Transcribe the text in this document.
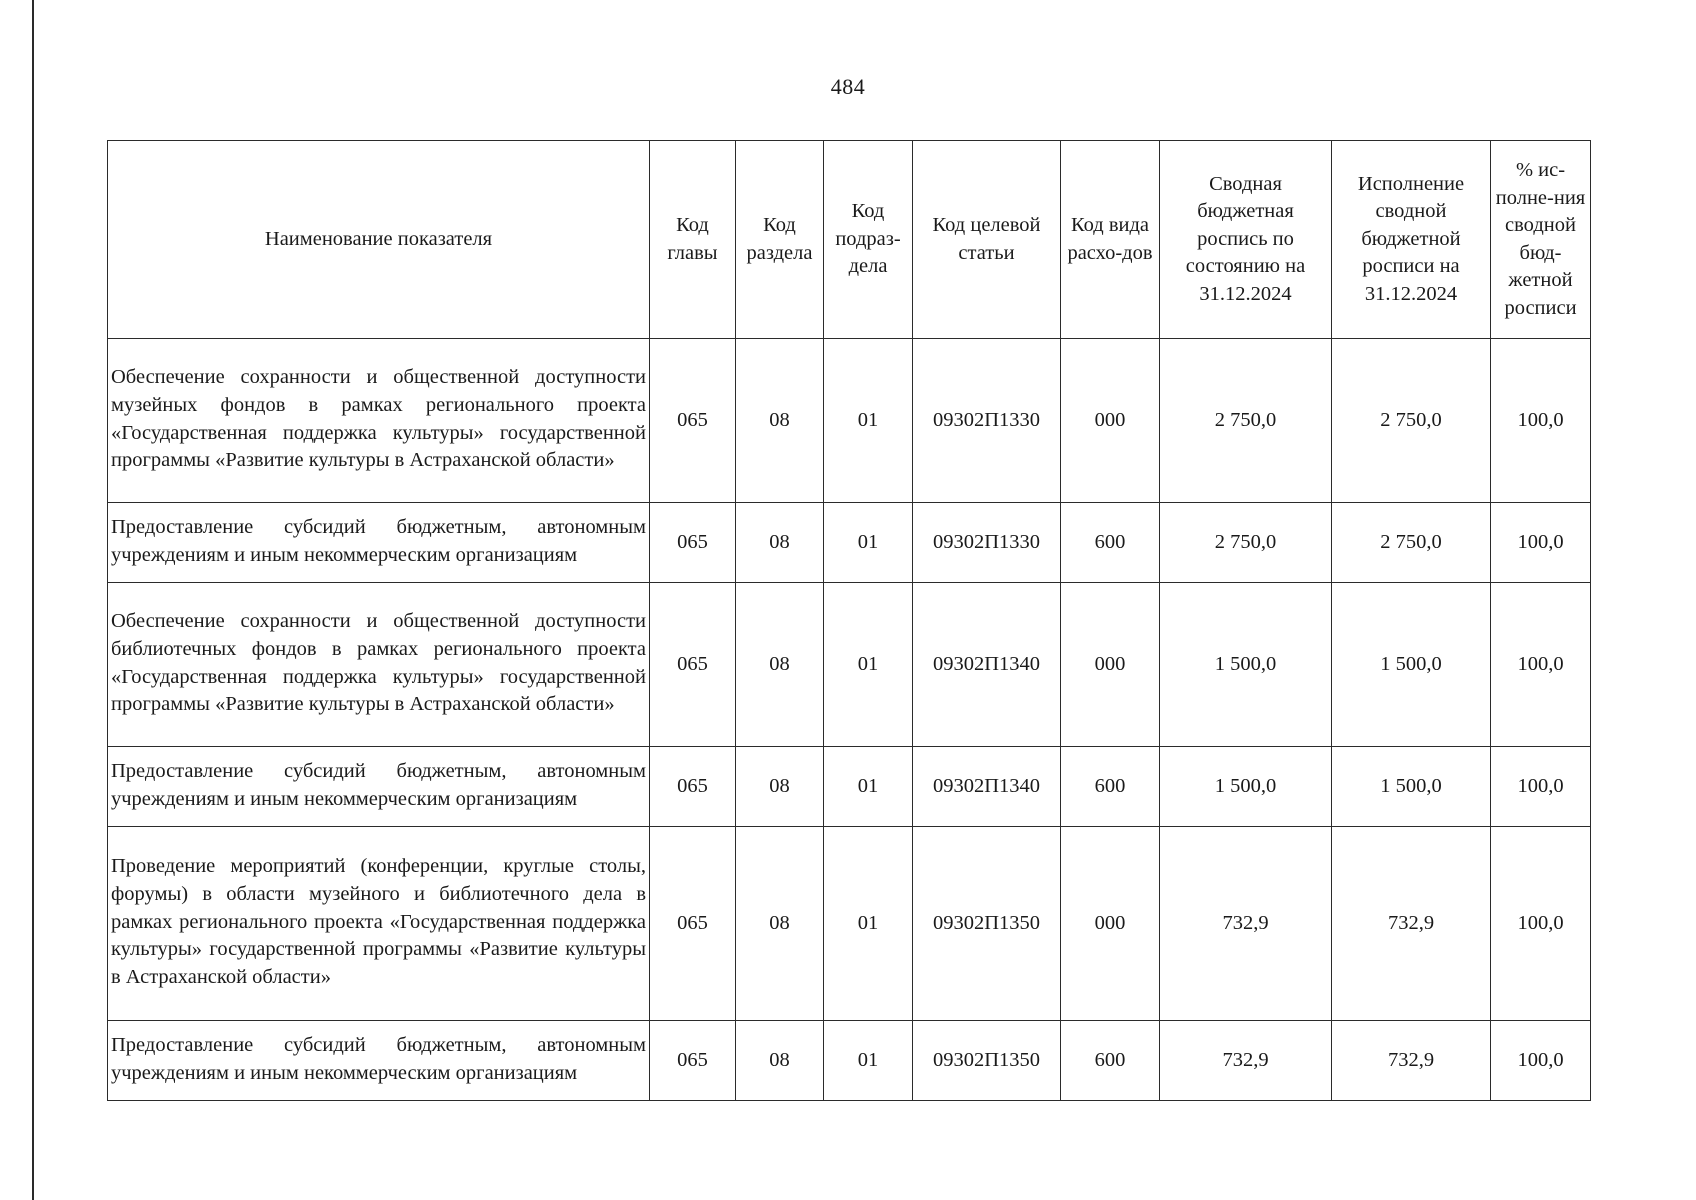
484
Наименование показателя	Код главы	Код раздела	Код подраз-дела	Код целевой статьи	Код вида расхо-дов	Сводная бюджетная роспись по состоянию на 31.12.2024	Исполнение сводной бюджетной росписи на 31.12.2024	% ис-полне-ния сводной бюд-жетной росписи
Обеспечение сохранности и общественной доступности музейных фондов в рамках регионального проекта «Государственная поддержка культуры» государственной программы «Развитие культуры в Астраханской области»	065	08	01	09302П1330	000	2 750,0	2 750,0	100,0
Предоставление субсидий бюджетным, автономным учреждениям и иным некоммерческим организациям	065	08	01	09302П1330	600	2 750,0	2 750,0	100,0
Обеспечение сохранности и общественной доступности библиотечных фондов в рамках регионального проекта «Государственная поддержка культуры» государственной программы «Развитие культуры в Астраханской области»	065	08	01	09302П1340	000	1 500,0	1 500,0	100,0
Предоставление субсидий бюджетным, автономным учреждениям и иным некоммерческим организациям	065	08	01	09302П1340	600	1 500,0	1 500,0	100,0
Проведение мероприятий (конференции, круглые столы, форумы) в области музейного и библиотечного дела в рамках регионального проекта «Государственная поддержка культуры» государственной программы «Развитие культуры в Астраханской области»	065	08	01	09302П1350	000	732,9	732,9	100,0
Предоставление субсидий бюджетным, автономным учреждениям и иным некоммерческим организациям	065	08	01	09302П1350	600	732,9	732,9	100,0
